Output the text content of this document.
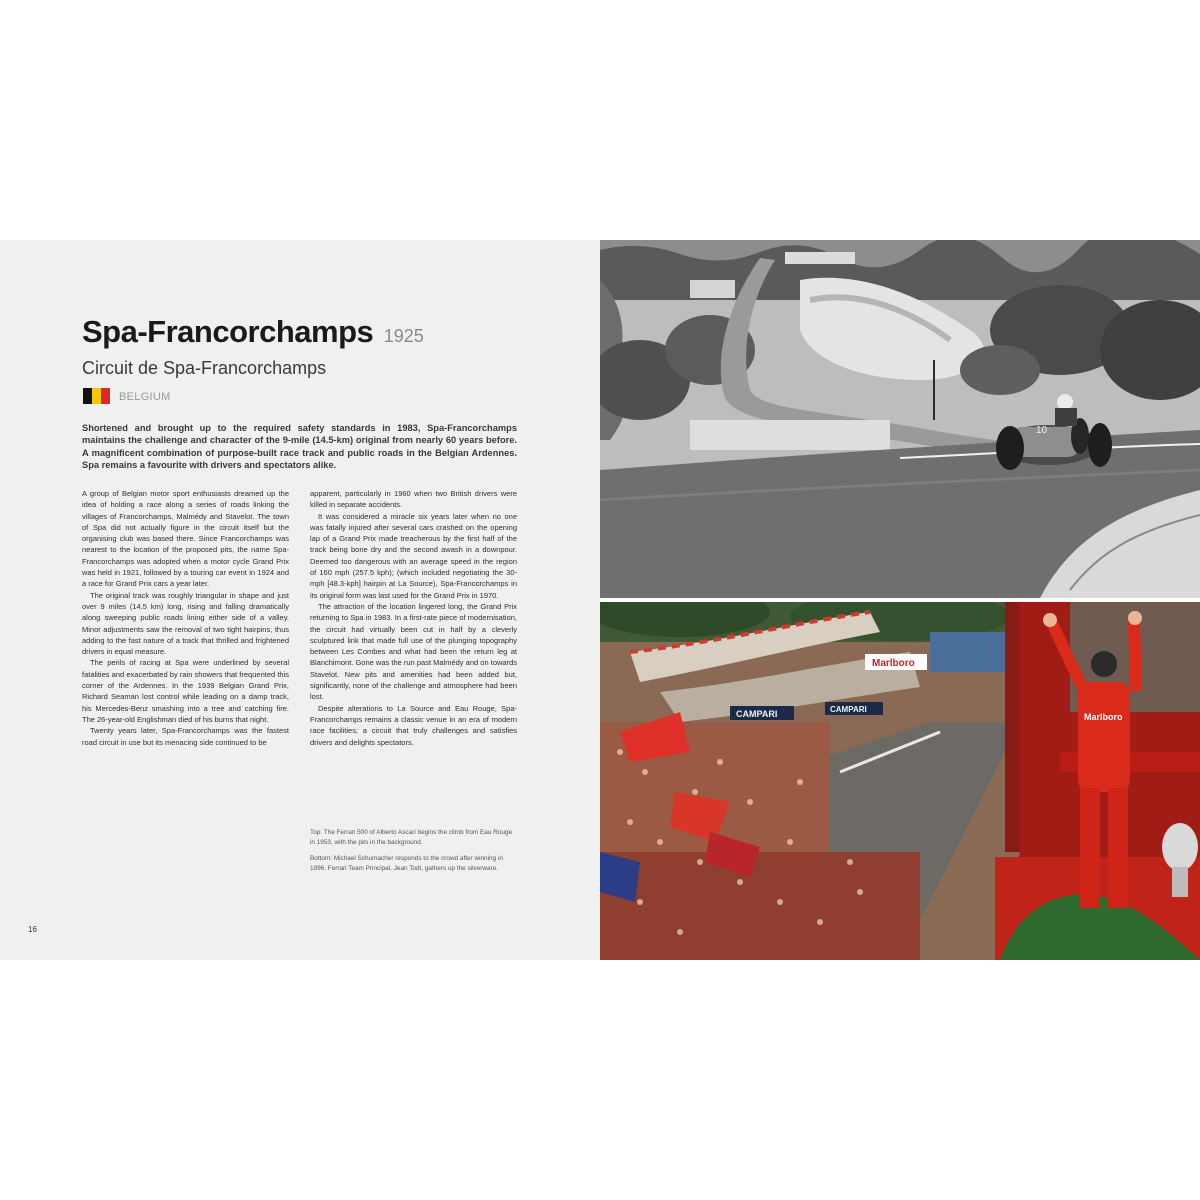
Spa-Francorchamps 1925
Circuit de Spa-Francorchamps
BELGIUM
Shortened and brought up to the required safety standards in 1983, Spa-Francorchamps maintains the challenge and character of the 9-mile (14.5-km) original from nearly 60 years before. A magnificent combination of purpose-built race track and public roads in the Belgian Ardennes. Spa remains a favourite with drivers and spectators alike.

A group of Belgian motor sport enthusiasts dreamed up the idea of holding a race along a series of roads linking the villages of Francorchamps, Malmédy and Stavelot. The town of Spa did not actually figure in the circuit itself but the organising club was based there. Since Francorchamps was nearest to the location of the proposed pits, the name Spa-Francorchamps was adopted when a motor cycle Grand Prix was held in 1921, followed by a touring car event in 1924 and a race for Grand Prix cars a year later.

The original track was roughly triangular in shape and just over 9 miles (14.5 km) long, rising and falling dramatically along sweeping public roads lining either side of a valley. Minor adjustments saw the removal of two tight hairpins, thus adding to the fast nature of a track that thrilled and frightened drivers in equal measure.

The perils of racing at Spa were underlined by several fatalities and exacerbated by rain showers that frequented this corner of the Ardennes. In the 1939 Belgian Grand Prix, Richard Seaman lost control while leading on a damp track, his Mercedes-Benz smashing into a tree and catching fire. The 26-year-old Englishman died of his burns that night.

Twenty years later, Spa-Francorchamps was the fastest road circuit in use but its menacing side continued to be

apparent, particularly in 1960 when two British drivers were killed in separate accidents.

It was considered a miracle six years later when no one was fatally injured after several cars crashed on the opening lap of a Grand Prix made treacherous by the first half of the track being bone dry and the second awash in a downpour. Deemed too dangerous with an average speed in the region of 160 mph (257.5 kph); (which included negotiating the 30-mph [48.3-kph] hairpin at La Source), Spa-Francorchamps in its original form was last used for the Grand Prix in 1970.

The attraction of the location lingered long, the Grand Prix returning to Spa in 1983. In a first-rate piece of modernisation, the circuit had virtually been cut in half by a cleverly sculptured link that made full use of the plunging topography between Les Combes and what had been the return leg at Blanchimont. Gone was the run past Malmédy and on towards Stavelot. New pits and amenities had been added but, significantly, none of the challenge and atmosphere had been lost.

Despite alterations to La Source and Eau Rouge, Spa-Francorchamps remains a classic venue in an era of modern race facilities; a circuit that truly challenges and satisfies drivers and delights spectators.

Top: The Ferrari 500 of Alberto Ascari begins the climb from Eau Rouge in 1953, with the pits in the background.
Bottom: Michael Schumacher responds to the crowd after winning in 1996. Ferrari Team Principal, Jean Todt, gathers up the silverware.
16
10
Marlboro
CAMPARI	CAMPARI
Marlboro
